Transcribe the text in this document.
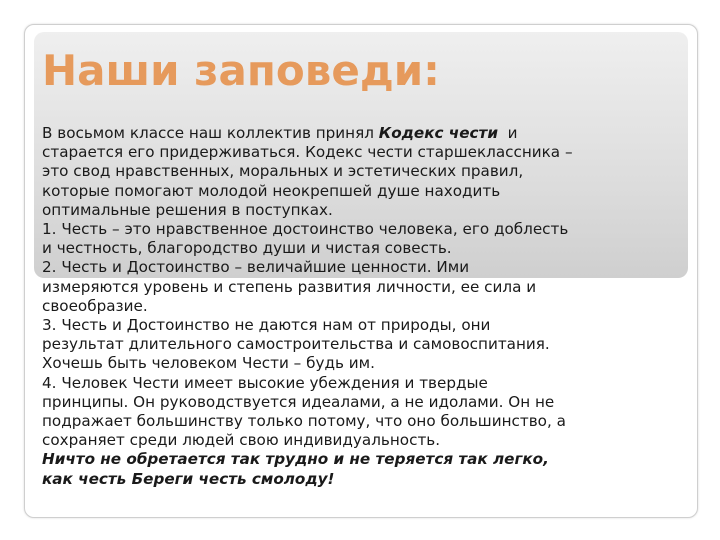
Наши заповеди:
В восьмом классе наш коллектив принял Кодекс чести  и
старается его придерживаться. Кодекс чести старшеклассника –
это свод нравственных, моральных и эстетических правил,
которые помогают молодой неокрепшей душе находить
оптимальные решения в поступках.
1. Честь – это нравственное достоинство человека, его доблесть
и честность, благородство души и чистая совесть.
2. Честь и Достоинство – величайшие ценности. Ими
измеряются уровень и степень развития личности, ее сила и
своеобразие.
3. Честь и Достоинство не даются нам от природы, они
результат длительного самостроительства и самовоспитания.
Хочешь быть человеком Чести – будь им.
4. Человек Чести имеет высокие убеждения и твердые
принципы. Он руководствуется идеалами, а не идолами. Он не
подражает большинству только потому, что оно большинство, а
сохраняет среди людей свою индивидуальность.
Ничто не обретается так трудно и не теряется так легко,
как честь Береги честь смолоду!
